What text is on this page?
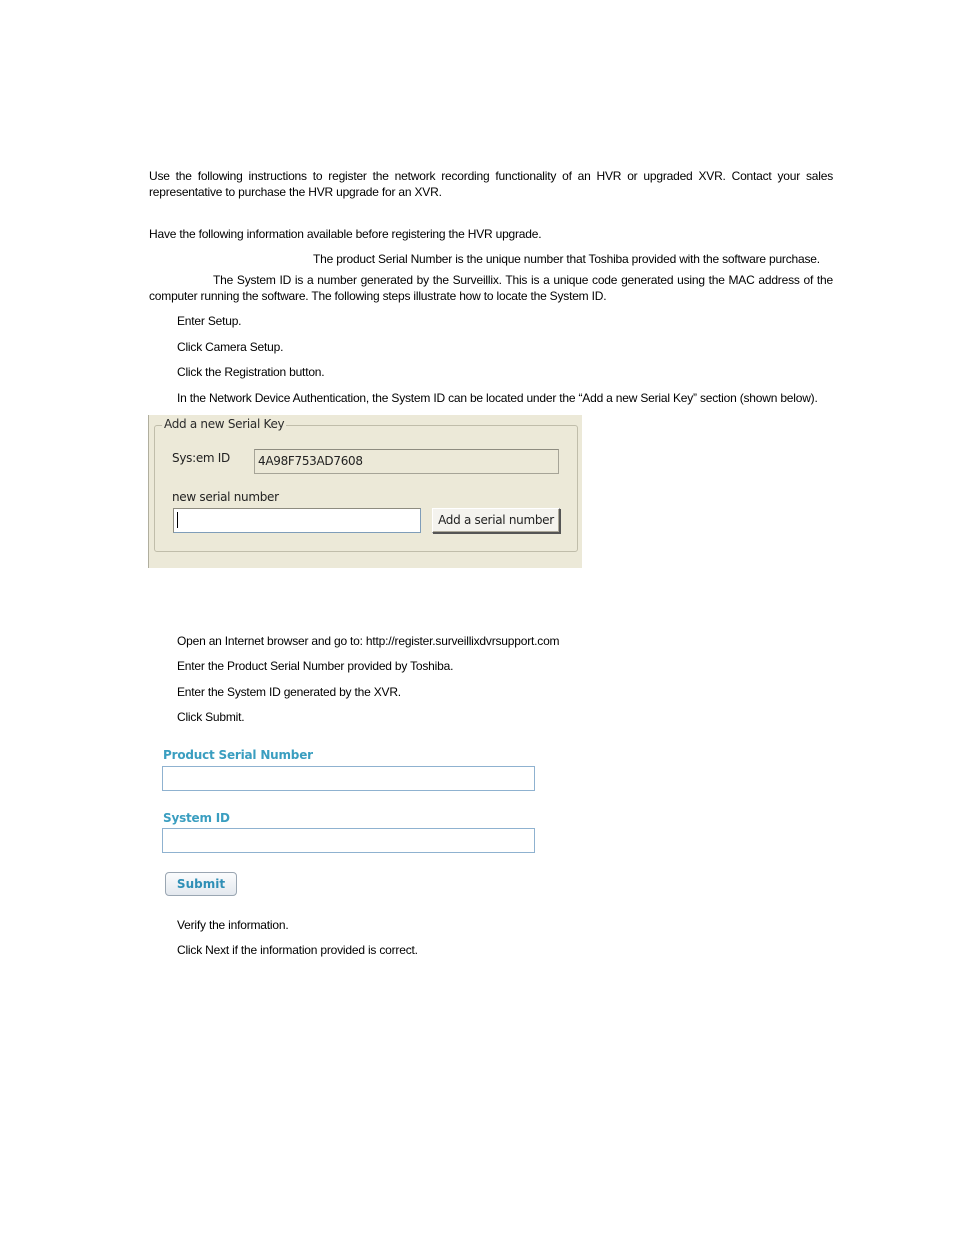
Use the following instructions to register the network recording functionality of an HVR or upgraded XVR. Contact your sales
representative to purchase the HVR upgrade for an XVR.
Have the following information available before registering the HVR upgrade.
The product Serial Number is the unique number that Toshiba provided with the software purchase.
The System ID is a number generated by the Surveillix. This is a unique code generated using the MAC address of the
computer running the software. The following steps illustrate how to locate the System ID.
Enter Setup.
Click Camera Setup.
Click the Registration button.
In the Network Device Authentication, the System ID can be located under the “Add a new Serial Key” section (shown below).
Add a new Serial Key
Sys:em ID	4A98F753AD7608
new serial number
Add a serial number
Open an Internet browser and go to: http://register.surveillixdvrsupport.com
Enter the Product Serial Number provided by Toshiba.
Enter the System ID generated by the XVR.
Click Submit.
Product Serial Number
System ID
Submit
Verify the information.
Click Next if the information provided is correct.
